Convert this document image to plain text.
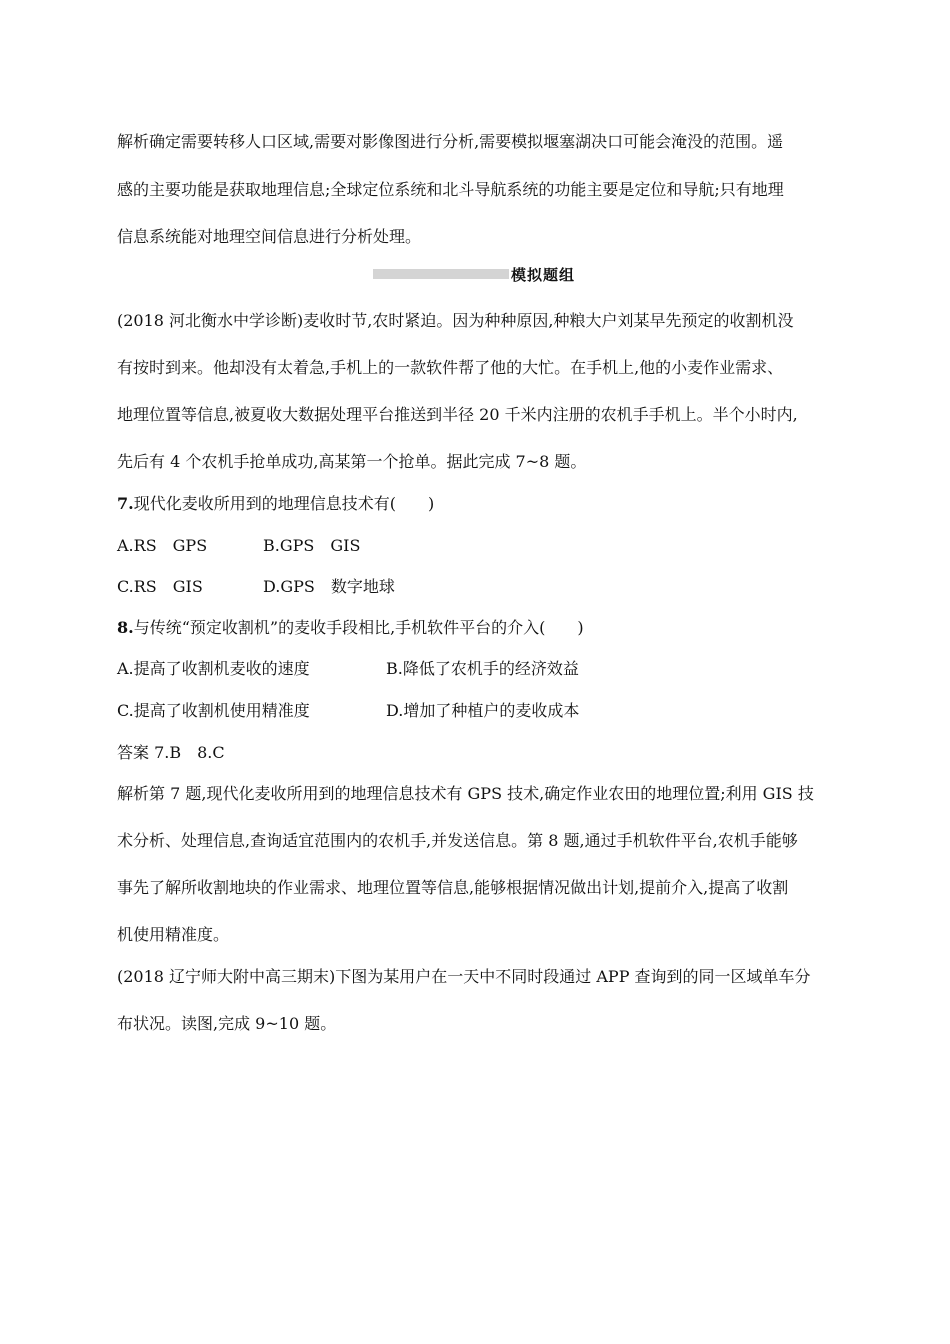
解析确定需要转移人口区域,需要对影像图进行分析,需要模拟堰塞湖决口可能会淹没的范围。遥
感的主要功能是获取地理信息;全球定位系统和北斗导航系统的功能主要是定位和导航;只有地理
信息系统能对地理空间信息进行分析处理。
模拟题组
(2018 河北衡水中学诊断)麦收时节,农时紧迫。因为种种原因,种粮大户刘某早先预定的收割机没
有按时到来。他却没有太着急,手机上的一款软件帮了他的大忙。在手机上,他的小麦作业需求、
地理位置等信息,被夏收大数据处理平台推送到半径 20 千米内注册的农机手手机上。半个小时内,
先后有 4 个农机手抢单成功,高某第一个抢单。据此完成 7~8 题。
7.现代化麦收所用到的地理信息技术有(　　)
A.RS　GPS	B.GPS　GIS
C.RS　GIS	D.GPS　数字地球
8.与传统“预定收割机”的麦收手段相比,手机软件平台的介入(　　)
A.提高了收割机麦收的速度	B.降低了农机手的经济效益
C.提高了收割机使用精准度	D.增加了种植户的麦收成本
答案 7.B　8.C
解析第 7 题,现代化麦收所用到的地理信息技术有 GPS 技术,确定作业农田的地理位置;利用 GIS 技
术分析、处理信息,查询适宜范围内的农机手,并发送信息。第 8 题,通过手机软件平台,农机手能够
事先了解所收割地块的作业需求、地理位置等信息,能够根据情况做出计划,提前介入,提高了收割
机使用精准度。
(2018 辽宁师大附中高三期末)下图为某用户在一天中不同时段通过 APP 查询到的同一区域单车分
布状况。读图,完成 9~10 题。
